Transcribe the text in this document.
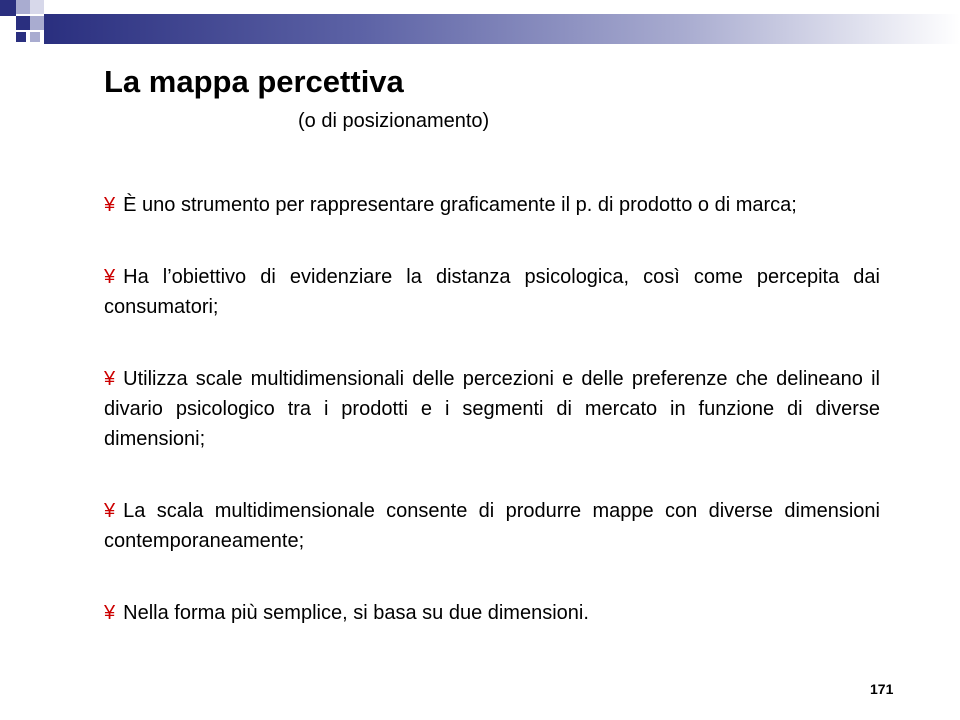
La mappa percettiva
(o di posizionamento)
¥ È uno strumento per rappresentare graficamente il p. di prodotto o di marca;
¥ Ha l’obiettivo di evidenziare la distanza psicologica, così come percepita dai consumatori;
¥ Utilizza scale multidimensionali delle percezioni e delle preferenze che delineano il divario psicologico tra i prodotti e i segmenti di mercato in funzione di diverse dimensioni;
¥ La scala multidimensionale consente di produrre mappe con diverse dimensioni contemporaneamente;
¥ Nella forma più semplice, si basa su due dimensioni.
171
